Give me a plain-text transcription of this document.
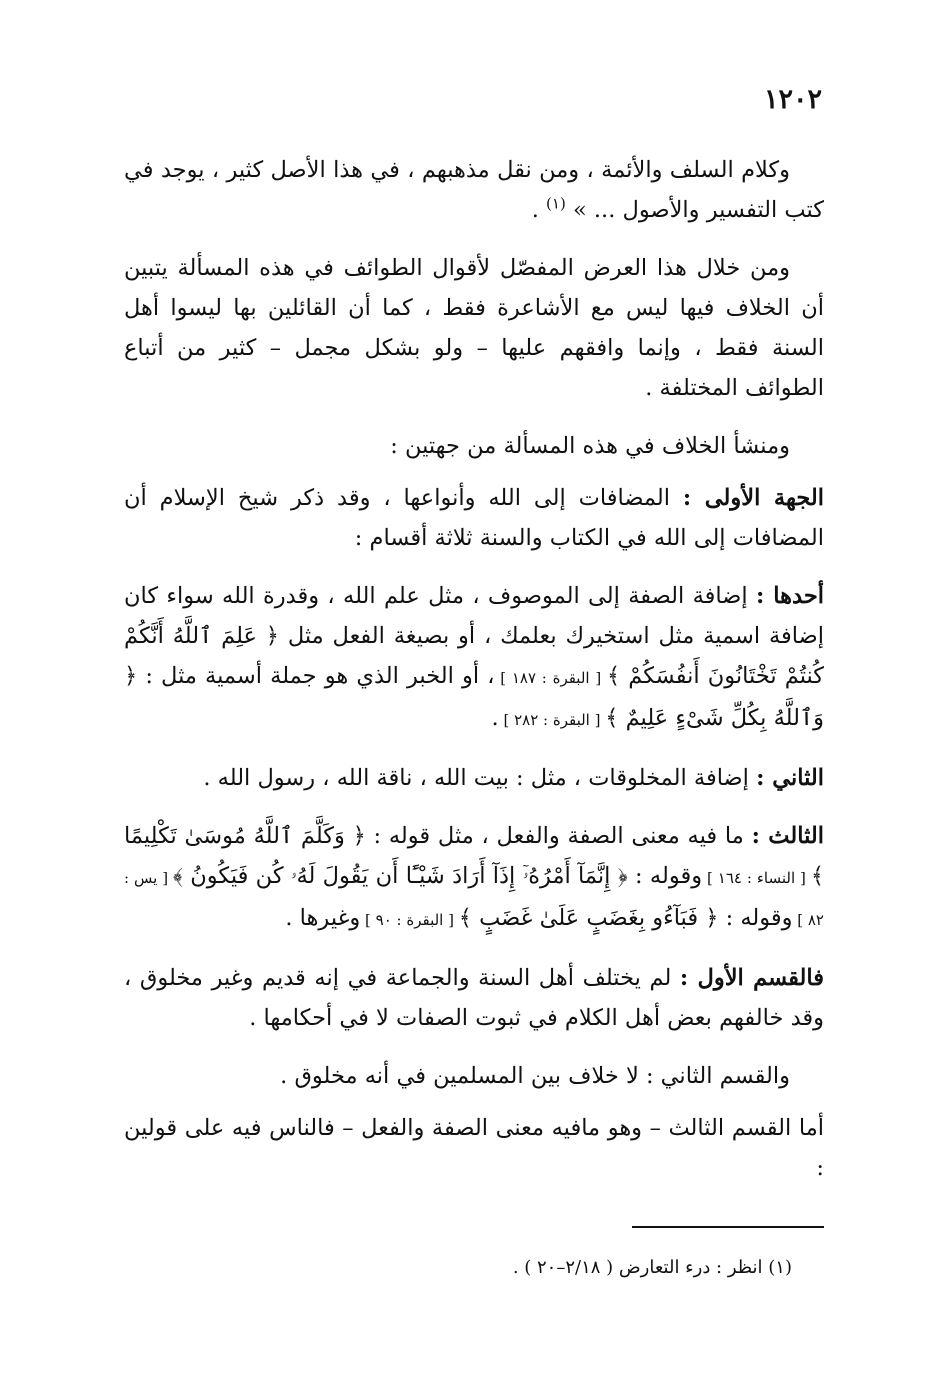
١٢٠٢

وكلام السلف والأئمة ، ومن نقل مذهبهم ، في هذا الأصل كثير ، يوجد في كتب التفسير والأصول ... » $^{(١)}$ .

ومن خلال هذا العرض المفصّل لأقوال الطوائف في هذه المسألة يتبين أن الخلاف فيها ليس مع الأشاعرة فقط ، كما أن القائلين بها ليسوا أهل السنة فقط ، وإنما وافقهم عليها – ولو بشكل مجمل – كثير من أتباع الطوائف المختلفة .

ومنشأ الخلاف في هذه المسألة من جهتين :

الجهة الأولى : المضافات إلى الله وأنواعها ، وقد ذكر شيخ الإسلام أن المضافات إلى الله في الكتاب والسنة ثلاثة أقسام :

أحدها : إضافة الصفة إلى الموصوف ، مثل علم الله ، وقدرة الله سواء كان إضافة اسمية مثل استخيرك بعلمك ، أو بصيغة الفعل مثل ﴿ عَلِمَ ٱللَّهُ أَنَّكُمْ كُنتُمْ تَخْتَانُونَ أَنفُسَكُمْ ﴾ [ البقرة : ١٨٧ ] ، أو الخبر الذي هو جملة أسمية مثل : ﴿ وَٱللَّهُ بِكُلِّ شَىْءٍ عَلِيمٌ ﴾ [ البقرة : ٢٨٢ ] .

الثاني : إضافة المخلوقات ، مثل : بيت الله ، ناقة الله ، رسول الله .

الثالث : ما فيه معنى الصفة والفعل ، مثل قوله : ﴿ وَكَلَّمَ ٱللَّهُ مُوسَىٰ تَكْلِيمًا ﴾ [ النساء : ١٦٤ ] وقوله : ﴿ إِنَّمَآ أَمْرُهُۥٓ إِذَآ أَرَادَ شَيْـًٔا أَن يَقُولَ لَهُۥ كُن فَيَكُونُ ﴾ [ يس : ٨٢ ] وقوله : ﴿ فَبَآءُو بِغَضَبٍ عَلَىٰ غَضَبٍ ﴾ [ البقرة : ٩٠ ] وغيرها .

فالقسم الأول : لم يختلف أهل السنة والجماعة في إنه قديم وغير مخلوق ، وقد خالفهم بعض أهل الكلام في ثبوت الصفات لا في أحكامها .

والقسم الثاني : لا خلاف بين المسلمين في أنه مخلوق .

أما القسم الثالث – وهو مافيه معنى الصفة والفعل – فالناس فيه على قولين :

(١) انظر : درء التعارض ( ٢/١٨–٢٠ ) .
